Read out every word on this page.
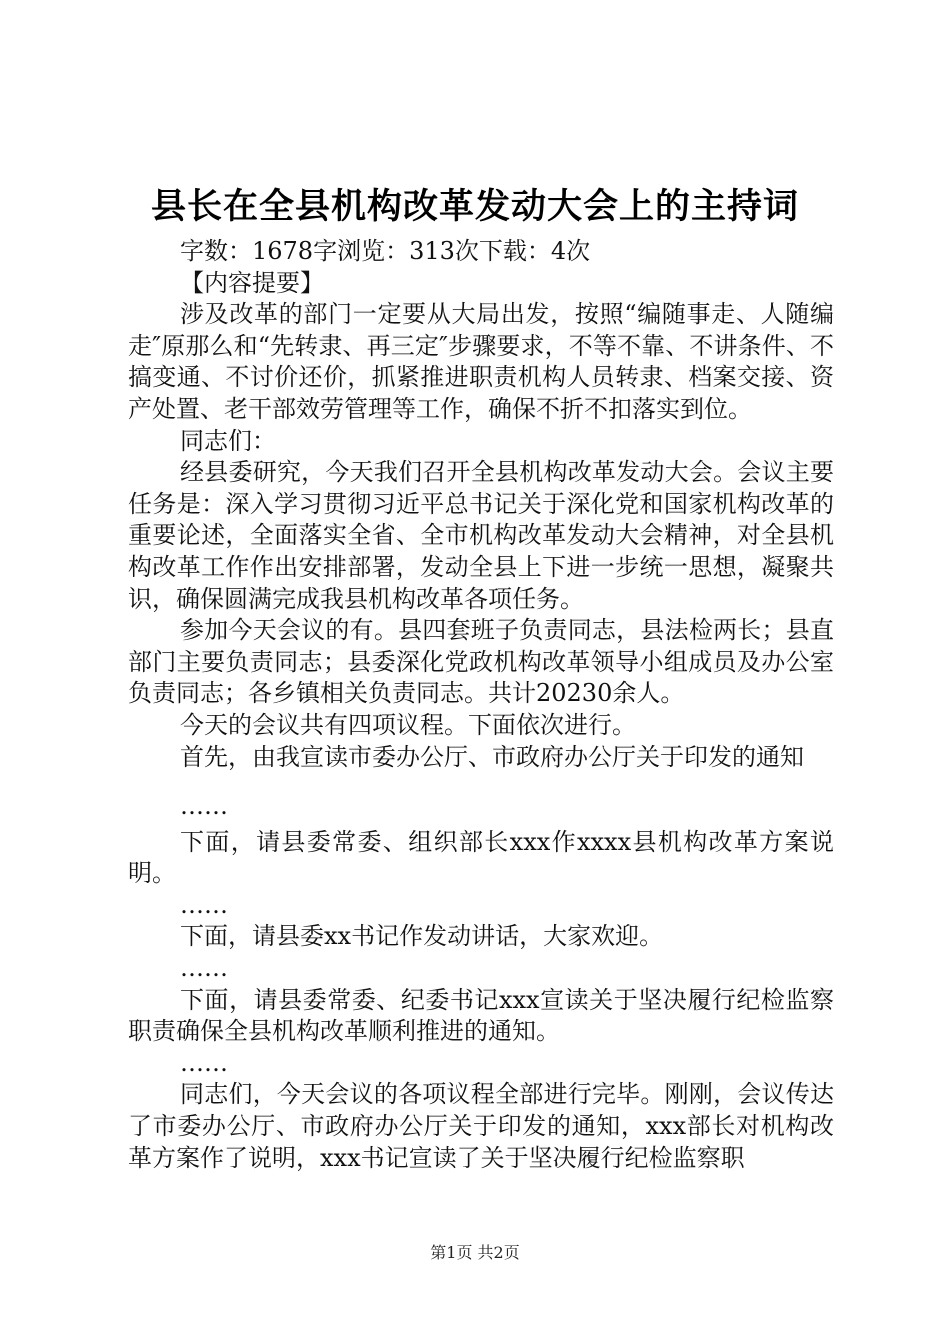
县长在全县机构改革发动大会上的主持词

字数：1678字浏览：313次下载：4次

【内容提要】

涉及改革的部门一定要从大局出发，按照“编随事走、人随编走″原那么和“先转隶、再三定″步骤要求，不等不靠、不讲条件、不搞变通、不讨价还价，抓紧推进职责机构人员转隶、档案交接、资产处置、老干部效劳管理等工作，确保不折不扣落实到位。

同志们：

经县委研究，今天我们召开全县机构改革发动大会。会议主要任务是：深入学习贯彻习近平总书记关于深化党和国家机构改革的重要论述，全面落实全省、全市机构改革发动大会精神，对全县机构改革工作作出安排部署，发动全县上下进一步统一思想，凝聚共识，确保圆满完成我县机构改革各项任务。

参加今天会议的有。县四套班子负责同志，县法检两长；县直部门主要负责同志；县委深化党政机构改革领导小组成员及办公室负责同志；各乡镇相关负责同志。共计20230余人。

今天的会议共有四项议程。下面依次进行。

首先，由我宣读市委办公厅、市政府办公厅关于印发的通知

……

下面，请县委常委、组织部长xxx作xxxx县机构改革方案说明。

……

下面，请县委xx书记作发动讲话，大家欢迎。

……

下面，请县委常委、纪委书记xxx宣读关于坚决履行纪检监察职责确保全县机构改革顺利推进的通知。

……

同志们，今天会议的各项议程全部进行完毕。刚刚，会议传达了市委办公厅、市政府办公厅关于印发的通知，xxx部长对机构改革方案作了说明，xxx书记宣读了关于坚决履行纪检监察职

第1页 共2页
